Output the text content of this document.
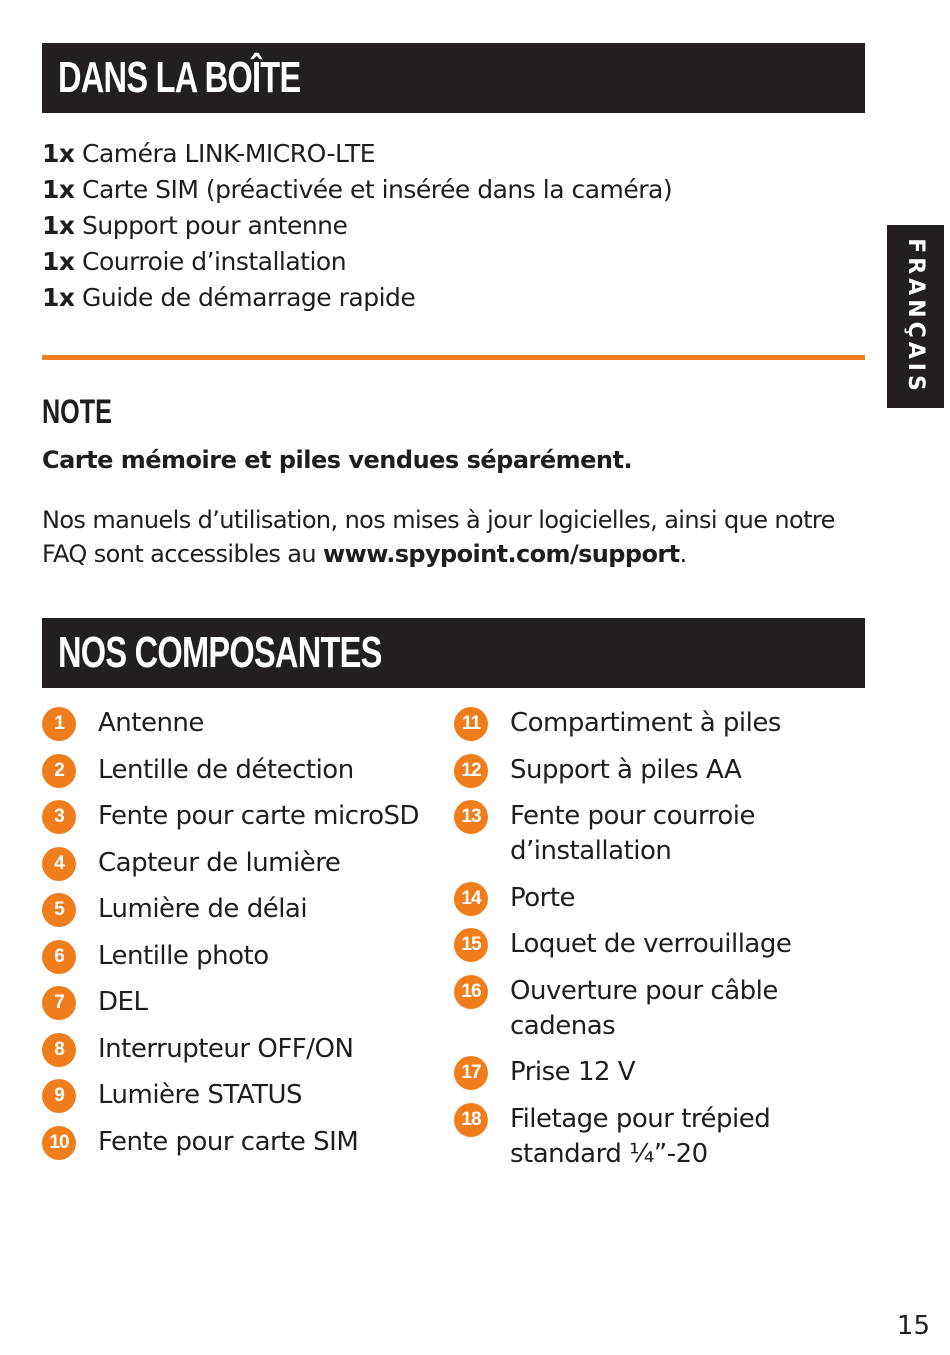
DANS LA BOÎTE
1x Caméra LINK-MICRO-LTE
1x Carte SIM (préactivée et insérée dans la caméra)
1x Support pour antenne
1x Courroie d’installation
1x Guide de démarrage rapide
NOTE
Carte mémoire et piles vendues séparément.

Nos manuels d’utilisation, nos mises à jour logicielles, ainsi que notre FAQ sont accessibles au www.spypoint.com/support.

NOS COMPOSANTES
1	Antenne
2	Lentille de détection
3	Fente pour carte microSD
4	Capteur de lumière
5	Lumière de délai
6	Lentille photo
7	DEL
8	Interrupteur OFF/ON
9	Lumière STATUS
10 Fente pour carte SIM
11	Compartiment à piles
12 Support à piles AA
13 Fente pour courroie d’installation
14 Porte
15 Loquet de verrouillage
16 Ouverture pour câble cadenas
17 Prise 12 V
18 Filetage pour trépied standard ¼”-20
FRANÇAIS
15
